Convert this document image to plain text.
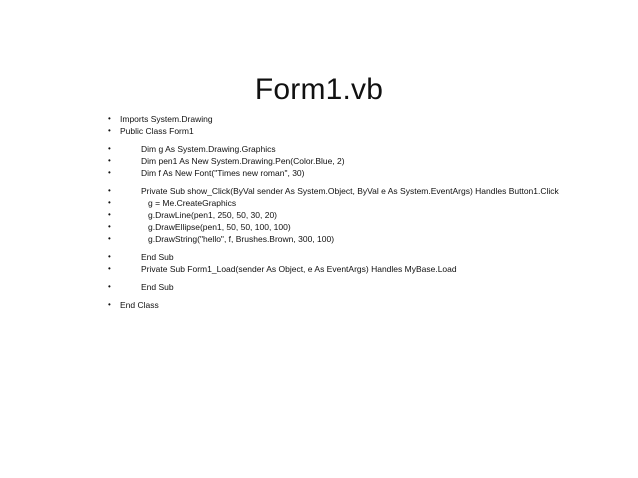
Form1.vb

•

	Imports System.Drawing

•

	Public Class Form1

•

	Dim g As System.Drawing.Graphics

•

	Dim pen1 As New System.Drawing.Pen(Color.Blue, 2)

•

	Dim f As New Font("Times new roman", 30)

•

	Private Sub show_Click(ByVal sender As System.Object, ByVal e As System.EventArgs) Handles Button1.Click

•

	g = Me.CreateGraphics

•

	g.DrawLine(pen1, 250, 50, 30, 20)

•

	g.DrawEllipse(pen1, 50, 50, 100, 100)

•

	g.DrawString("hello", f, Brushes.Brown, 300, 100)

•

	End Sub

•

	Private Sub Form1_Load(sender As Object, e As EventArgs) Handles MyBase.Load

•

	End Sub

•

	End Class
